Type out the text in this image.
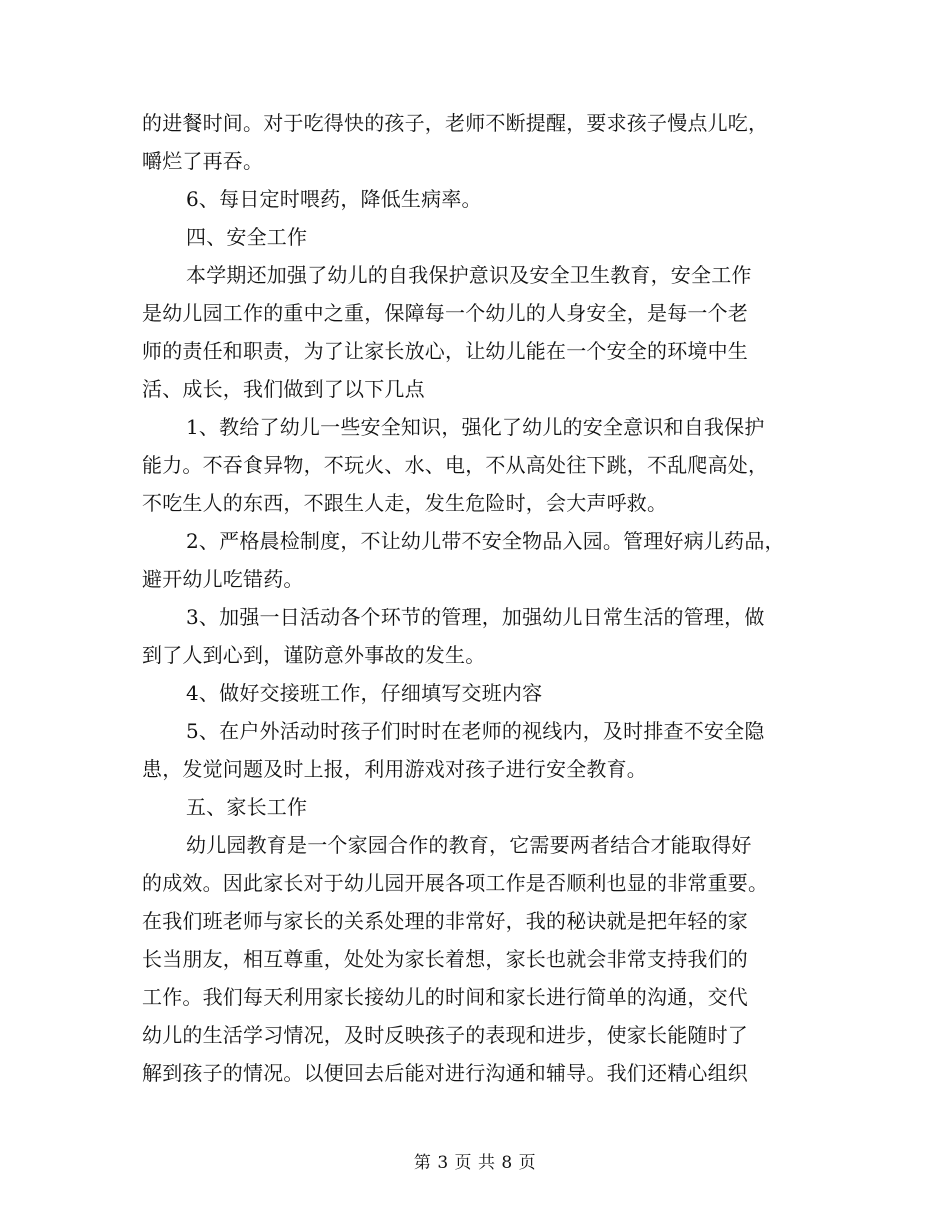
的进餐时间。对于吃得快的孩子，老师不断提醒，要求孩子慢点儿吃，
嚼烂了再吞。
6、每日定时喂药，降低生病率。
四、安全工作
本学期还加强了幼儿的自我保护意识及安全卫生教育，安全工作
是幼儿园工作的重中之重，保障每一个幼儿的人身安全，是每一个老
师的责任和职责，为了让家长放心，让幼儿能在一个安全的环境中生
活、成长，我们做到了以下几点
1、教给了幼儿一些安全知识，强化了幼儿的安全意识和自我保护
能力。不吞食异物，不玩火、水、电，不从高处往下跳，不乱爬高处，
不吃生人的东西，不跟生人走，发生危险时，会大声呼救。
2、严格晨检制度，不让幼儿带不安全物品入园。管理好病儿药品，
避开幼儿吃错药。
3、加强一日活动各个环节的管理，加强幼儿日常生活的管理，做
到了人到心到，谨防意外事故的发生。
4、做好交接班工作，仔细填写交班内容
5、在户外活动时孩子们时时在老师的视线内，及时排查不安全隐
患，发觉问题及时上报，利用游戏对孩子进行安全教育。
五、家长工作
幼儿园教育是一个家园合作的教育，它需要两者结合才能取得好
的成效。因此家长对于幼儿园开展各项工作是否顺利也显的非常重要。
在我们班老师与家长的关系处理的非常好，我的秘诀就是把年轻的家
长当朋友，相互尊重，处处为家长着想，家长也就会非常支持我们的
工作。我们每天利用家长接幼儿的时间和家长进行简单的沟通，交代
幼儿的生活学习情况，及时反映孩子的表现和进步，使家长能随时了
解到孩子的情况。以便回去后能对进行沟通和辅导。我们还精心组织
第 3 页 共 8 页
